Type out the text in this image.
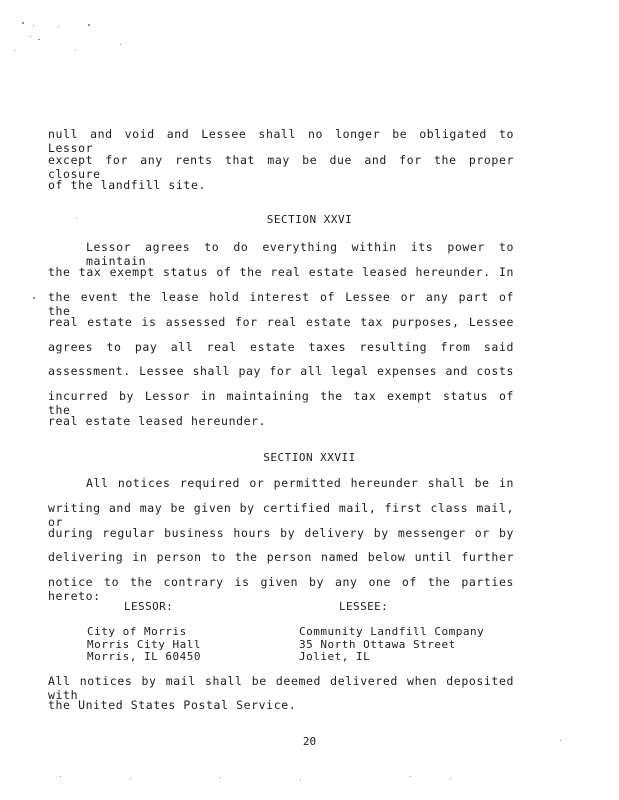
null and void and Lessee shall no longer be obligated to Lessor
except for any rents that may be due and for the proper closure
of the landfill site.
SECTION XXVI
Lessor agrees to do everything within its power to maintain
the tax exempt status of the real estate leased hereunder. In
the event the lease hold interest of Lessee or any part of the
real estate is assessed for real estate tax purposes, Lessee
agrees to pay all real estate taxes resulting from said
assessment. Lessee shall pay for all legal expenses and costs
incurred by Lessor in maintaining the tax exempt status of the
real estate leased hereunder.
SECTION XXVII
All notices required or permitted hereunder shall be in
writing and may be given by certified mail, first class mail, or
during regular business hours by delivery by messenger or by
delivering in person to the person named below until further
notice to the contrary is given by any one of the parties hereto:
LESSOR:	LESSEE:
City of Morris
Morris City Hall
Morris, IL 60450
Community Landfill Company
35 North Ottawa Street
Joliet, IL
All notices by mail shall be deemed delivered when deposited with
the United States Postal Service.
20
